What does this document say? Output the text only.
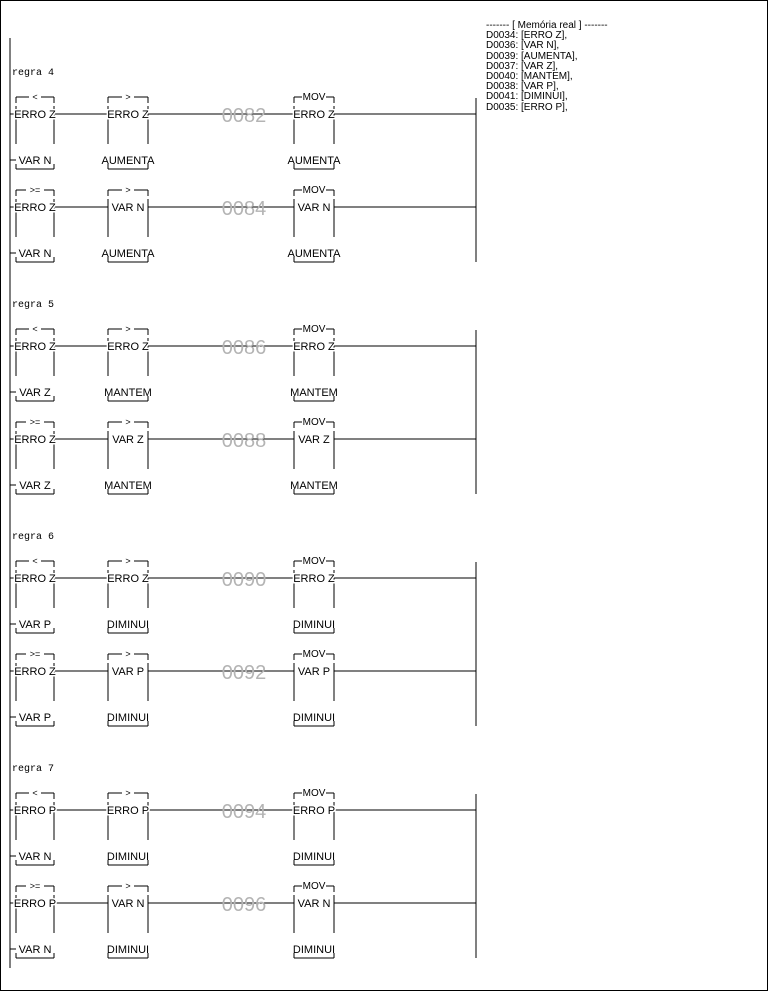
------- [ Memória real ] -------
D0034: [ERRO Z],
D0036: [VAR N],
D0039: [AUMENTA],
D0037: [VAR Z],
D0040: [MANTEM],
D0038: [VAR P],
D0041: [DIMINUI],
D0035: [ERRO P],
regra 4
<
ERRO Z
VAR N
>
ERRO Z
AUMENTA
MOV
ERRO Z
AUMENTA
0082
>=
ERRO Z
VAR N
>
VAR N
AUMENTA
MOV
VAR N
AUMENTA
0084
regra 5
<
ERRO Z
VAR Z
>
ERRO Z
MANTEM
MOV
ERRO Z
MANTEM
0086
>=
ERRO Z
VAR Z
>
VAR Z
MANTEM
MOV
VAR Z
MANTEM
0088
regra 6
<
ERRO Z
VAR P
>
ERRO Z
DIMINUI
MOV
ERRO Z
DIMINUI
0090
>=
ERRO Z
VAR P
>
VAR P
DIMINUI
MOV
VAR P
DIMINUI
0092
regra 7
<
ERRO P
VAR N
>
ERRO P
DIMINUI
MOV
ERRO P
DIMINUI
0094
>=
ERRO P
VAR N
>
VAR N
DIMINUI
MOV
VAR N
DIMINUI
0096
